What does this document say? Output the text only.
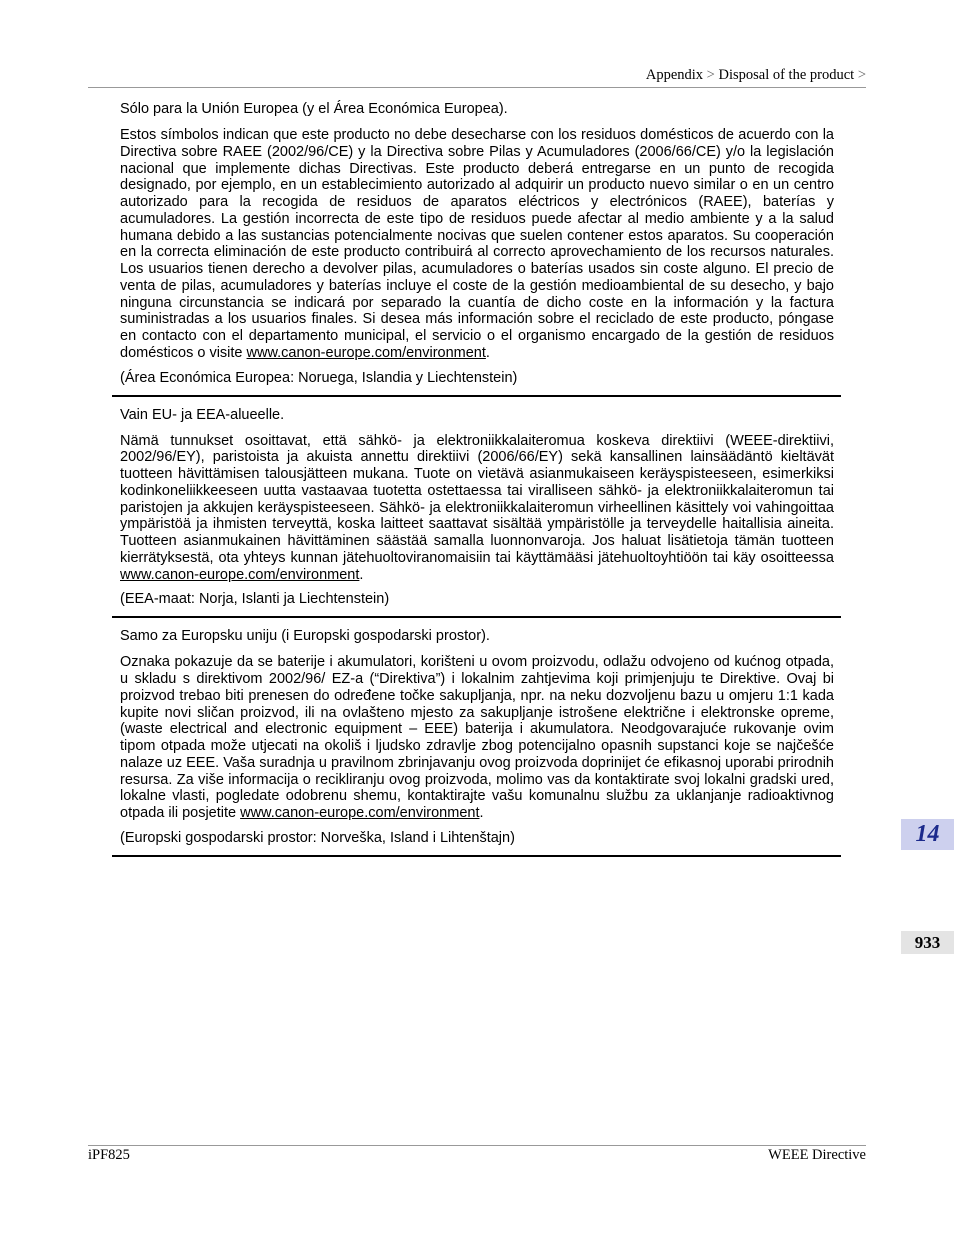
Appendix > Disposal of the product >

Sólo para la Unión Europea (y el Área Económica Europea).

Estos símbolos indican que este producto no debe desecharse con los residuos domésticos de acuerdo con la Directiva sobre RAEE (2002/96/CE) y la Directiva sobre Pilas y Acumuladores (2006/66/CE) y/o la legislación nacional que implemente dichas Directivas. Este producto deberá entregarse en un punto de recogida designado, por ejemplo, en un establecimiento autorizado al adquirir un producto nuevo similar o en un centro autorizado para la recogida de residuos de aparatos eléctricos y electrónicos (RAEE), baterías y acumuladores. La gestión incorrecta de este tipo de residuos puede afectar al medio ambiente y a la salud humana debido a las sustancias potencialmente nocivas que suelen contener estos aparatos. Su cooperación en la correcta eliminación de este producto contribuirá al correcto aprovechamiento de los recursos naturales. Los usuarios tienen derecho a devolver pilas, acumuladores o baterías usados sin coste alguno. El precio de venta de pilas, acumuladores y baterías incluye el coste de la gestión medioambiental de su desecho, y bajo ninguna circunstancia se indicará por separado la cuantía de dicho coste en la información y la factura suministradas a los usuarios finales. Si desea más información sobre el reciclado de este producto, póngase en contacto con el departamento municipal, el servicio o el organismo encargado de la gestión de residuos domésticos o visite www.canon-europe.com/environment.

(Área Económica Europea: Noruega, Islandia y Liechtenstein)

Vain EU- ja EEA-alueelle.

Nämä tunnukset osoittavat, että sähkö- ja elektroniikkalaiteromua koskeva direktiivi (WEEE-direktiivi, 2002/96/EY), paristoista ja akuista annettu direktiivi (2006/66/EY) sekä kansallinen lainsäädäntö kieltävät tuotteen hävittämisen talousjätteen mukana. Tuote on vietävä asianmukaiseen keräyspisteeseen, esimerkiksi kodinkoneliikkeeseen uutta vastaavaa tuotetta ostettaessa tai viralliseen sähkö- ja elektroniikkalaiteromun tai paristojen ja akkujen keräyspisteeseen. Sähkö- ja elektroniikkalaiteromun virheellinen käsittely voi vahingoittaa ympäristöä ja ihmisten terveyttä, koska laitteet saattavat sisältää ympäristölle ja terveydelle haitallisia aineita. Tuotteen asianmukainen hävittäminen säästää samalla luonnonvaroja. Jos haluat lisätietoja tämän tuotteen kierrätyksestä, ota yhteys kunnan jätehuoltoviranomaisiin tai käyttämääsi jätehuoltoyhtiöön tai käy osoitteessa www.canon-europe.com/environment.

(EEA-maat: Norja, Islanti ja Liechtenstein)

Samo za Europsku uniju (i Europski gospodarski prostor).

Oznaka pokazuje da se baterije i akumulatori, korišteni u ovom proizvodu, odlažu odvojeno od kućnog otpada, u skladu s direktivom 2002/96/ EZ-a (“Direktiva”) i lokalnim zahtjevima koji primjenjuju te Direktive. Ovaj bi proizvod trebao biti prenesen do određene točke sakupljanja, npr. na neku dozvoljenu bazu u omjeru 1:1 kada kupite novi sličan proizvod, ili na ovlašteno mjesto za sakupljanje istrošene električne i elektronske opreme, (waste electrical and electronic equipment – EEE) baterija i akumulatora. Neodgovarajuće rukovanje ovim tipom otpada može utjecati na okoliš i ljudsko zdravlje zbog potencijalno opasnih supstanci koje se najčešće nalaze uz EEE. Vaša suradnja u pravilnom zbrinjavanju ovog proizvoda doprinijet će efikasnoj uporabi prirodnih resursa. Za više informacija o recikliranju ovog proizvoda, molimo vas da kontaktirate svoj lokalni gradski ured, lokalne vlasti, pogledate odobrenu shemu, kontaktirajte vašu komunalnu službu za uklanjanje radioaktivnog otpada ili posjetite www.canon-europe.com/environment.

(Europski gospodarski prostor: Norveška, Island i Lihtenštajn)	14
933
iPF825	WEEE Directive
